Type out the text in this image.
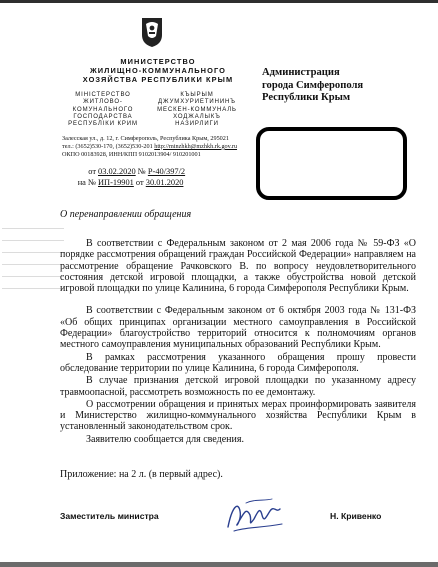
МИНИСТЕРСТВО
ЖИЛИЩНО-КОММУНАЛЬНОГО
ХОЗЯЙСТВА РЕСПУБЛИКИ КРЫМ
МІНІСТЕРСТВО
ЖИТЛОВО-
КОМУНАЛЬНОГО
ГОСПОДАРСТВА
РЕСПУБЛІКИ КРИМ
КЪЫРЫМ
ДЖУМХУРИЕТИНИНЪ
МЕСКЕН-КОММУНАЛЬ
ХОДЖАЛЫКЪ
НАЗИРЛИГИ
Залесская ул., д. 12, г. Симферополь, Республика Крым, 295021
тел.: (3652)530-170, (3652)530-201 http://minzhkh@mzhkh.rk.gov.ru
ОКПО 00183928, ИНН/КПП 9102013904/ 910201001
Администрация
города Симферополя
Республики Крым
от 03.02.2020 № Р-40/397/2
на № ИП-19901 от 30.01.2020
О перенаправлении обращения

В соответствии с Федеральным законом от 2 мая 2006 года № 59-ФЗ «О порядке рассмотрения обращений граждан Российской Федерации» направляем на рассмотрение обращение Рачковского В. по вопросу неудовлетворительного состояния детской игровой площадки, а также обустройства новой детской игровой площадки по улице Калинина, 6 города Симферополя Республики Крым.

В соответствии с Федеральным законом от 6 октября 2003 года № 131-ФЗ «Об общих принципах организации местного самоуправления в Российской Федерации» благоустройство территорий относится к полномочиям органов местного самоуправления муниципальных образований Республики Крым.

В рамках рассмотрения указанного обращения прошу провести обследование территории по улице Калинина, 6 города Симферополя.

В случае признания детской игровой площадки по указанному адресу травмоопасной, рассмотреть возможность по ее демонтажу.

О рассмотрении обращения и принятых мерах проинформировать заявителя и Министерство жилищно-коммунального хозяйства Республики Крым в установленный законодательством срок.

Заявителю сообщается для сведения.

Приложение: на 2 л. (в первый адрес).
Заместитель министра	Н. Кривенко
